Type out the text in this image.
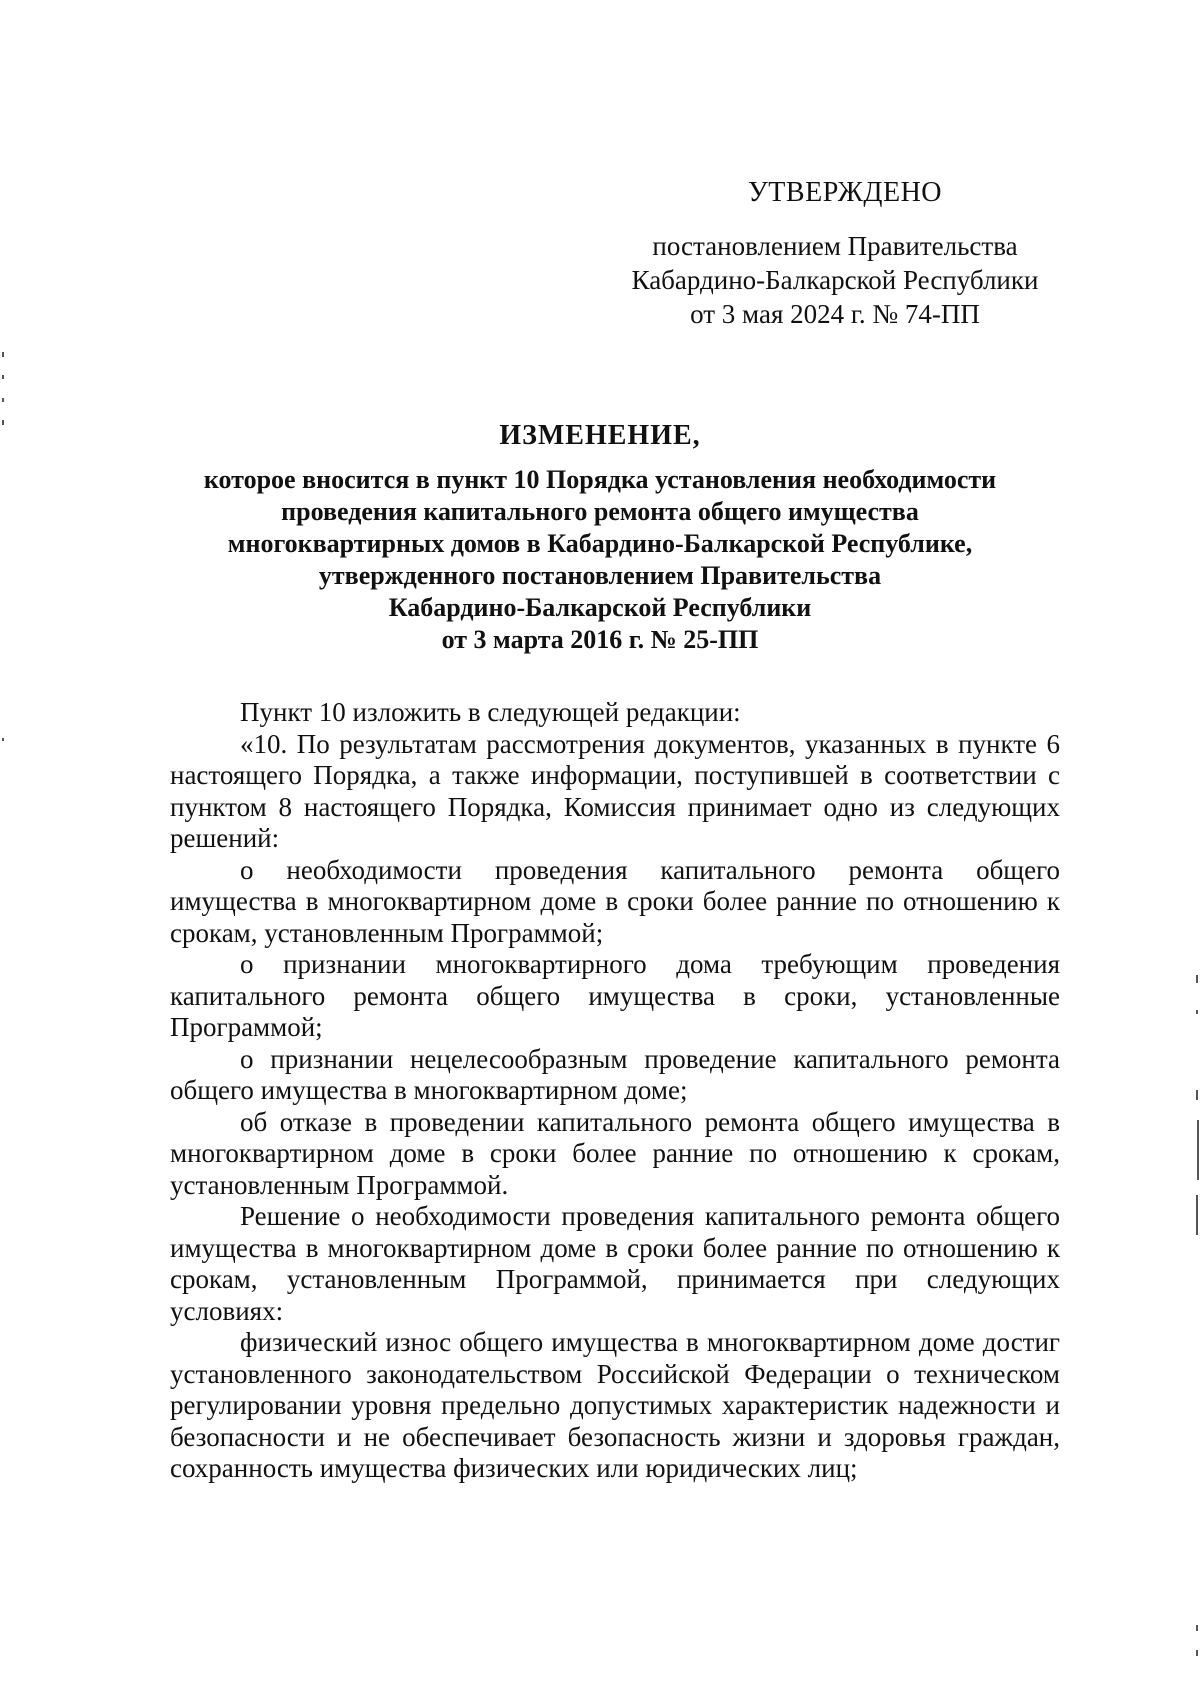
УТВЕРЖДЕНО
постановлением Правительства
Кабардино-Балкарской Республики
от 3 мая 2024 г. № 74-ПП
ИЗМЕНЕНИЕ,
которое вносится в пункт 10 Порядка установления необходимости
проведения капитального ремонта общего имущества
многоквартирных домов в Кабардино-Балкарской Республике,
утвержденного постановлением Правительства
Кабардино-Балкарской Республики
от 3 марта 2016 г. № 25-ПП

Пункт 10 изложить в следующей редакции:

«10. По результатам рассмотрения документов, указанных в пункте 6 настоящего Порядка, а также информации, поступившей в соответствии с пунктом 8 настоящего Порядка, Комиссия принимает одно из следующих решений:

о необходимости проведения капитального ремонта общего имущества в многоквартирном доме в сроки более ранние по отношению к срокам, установленным Программой;

о признании многоквартирного дома требующим проведения капитального ремонта общего имущества в сроки, установленные Программой;

о признании нецелесообразным проведение капитального ремонта общего имущества в многоквартирном доме;

об отказе в проведении капитального ремонта общего имущества в многоквартирном доме в сроки более ранние по отношению к срокам, установленным Программой.

Решение о необходимости проведения капитального ремонта общего имущества в многоквартирном доме в сроки более ранние по отношению к срокам, установленным Программой, принимается при следующих условиях:

физический износ общего имущества в многоквартирном доме достиг установленного законодательством Российской Федерации о техническом регулировании уровня предельно допустимых характеристик надежности и безопасности и не обеспечивает безопасность жизни и здоровья граждан, сохранность имущества физических или юридических лиц;
